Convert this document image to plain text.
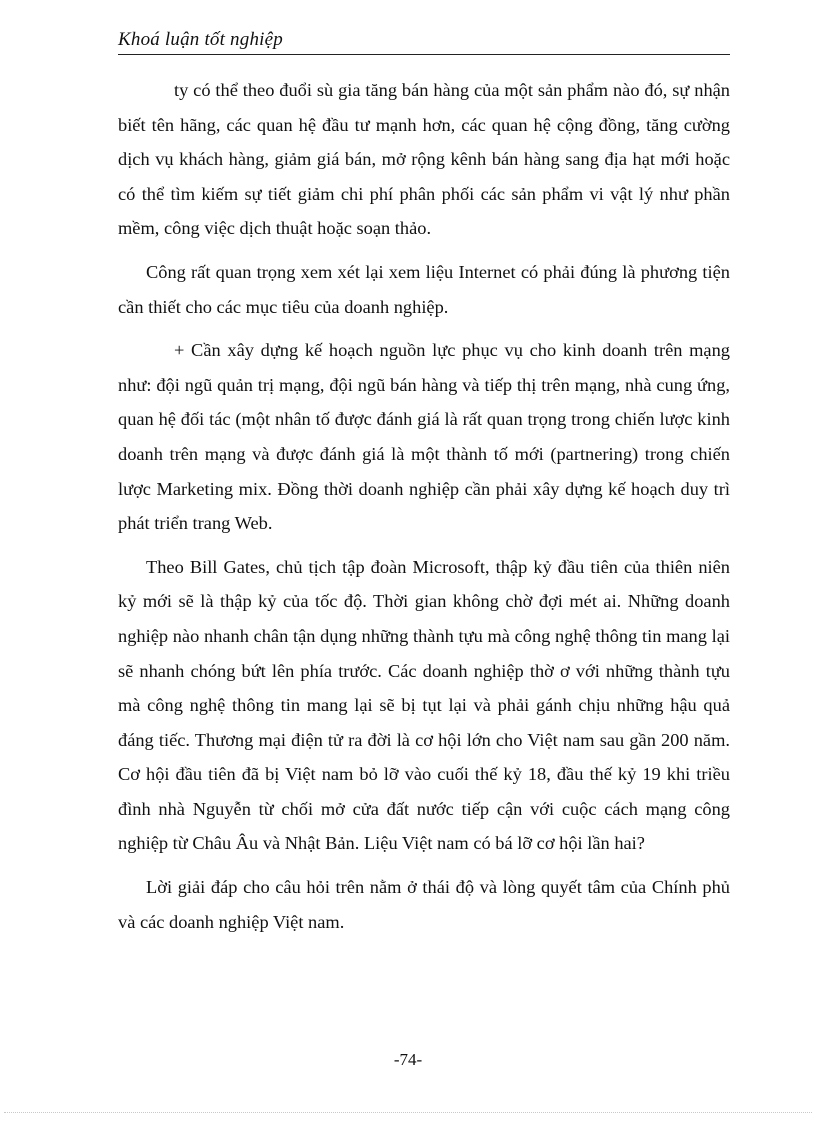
Khoá luận tốt nghiệp

ty có thể theo đuổi sù gia tăng bán hàng của một sản phẩm nào đó, sự nhận biết tên hãng, các quan hệ đầu tư mạnh hơn, các quan hệ cộng đồng, tăng cường dịch vụ khách hàng, giảm giá bán, mở rộng kênh bán hàng sang địa hạt mới hoặc có thể tìm kiếm sự tiết giảm chi phí phân phối các sản phẩm vi vật lý như phần mềm, công việc dịch thuật hoặc soạn thảo.

Công rất quan trọng xem xét lại xem liệu Internet có phải đúng là phương tiện cần thiết cho các mục tiêu của doanh nghiệp.

+ Cần xây dựng kế hoạch nguồn lực phục vụ cho kinh doanh trên mạng như: đội ngũ quản trị mạng, đội ngũ bán hàng và tiếp thị trên mạng, nhà cung ứng, quan hệ đối tác (một nhân tố được đánh giá là rất quan trọng trong chiến lược kinh doanh trên mạng và được đánh giá là một thành tố mới (partnering) trong chiến lược Marketing mix. Đồng thời doanh nghiệp cần phải xây dựng kế hoạch duy trì phát triển trang Web.

Theo Bill Gates, chủ tịch tập đoàn Microsoft, thập kỷ đầu tiên của thiên niên kỷ mới sẽ là thập kỷ của tốc độ. Thời gian không chờ đợi mét ai. Những doanh nghiệp nào nhanh chân tận dụng những thành tựu mà công nghệ thông tin mang lại sẽ nhanh chóng bứt lên phía trước. Các doanh nghiệp thờ ơ với những thành tựu mà công nghệ thông tin mang lại sẽ bị tụt lại và phải gánh chịu những hậu quả đáng tiếc. Thương mại điện tử ra đời là cơ hội lớn cho Việt nam sau gần 200 năm. Cơ hội đầu tiên đã bị Việt nam bỏ lỡ vào cuối thế kỷ 18, đầu thế kỷ 19 khi triều đình nhà Nguyễn từ chối mở cửa đất nước tiếp cận với cuộc cách mạng công nghiệp từ Châu Âu và Nhật Bản. Liệu Việt nam có bá lỡ cơ hội lần hai?

Lời giải đáp cho câu hỏi trên nằm ở thái độ và lòng quyết tâm của Chính phủ và các doanh nghiệp Việt nam.

-74-
